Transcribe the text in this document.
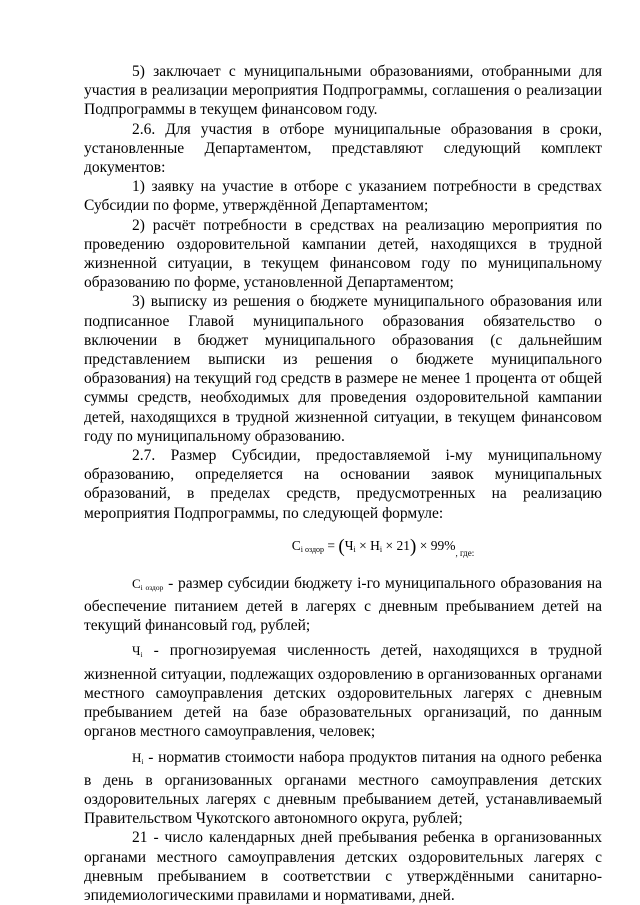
5) заключает с муниципальными образованиями, отобранными для участия в реализации мероприятия Подпрограммы, соглашения о реализации Подпрограммы в текущем финансовом году.

2.6. Для участия в отборе муниципальные образования в сроки, установленные Департаментом, представляют следующий комплект документов:

1) заявку на участие в отборе с указанием потребности в средствах Субсидии по форме, утверждённой Департаментом;

2) расчёт потребности в средствах на реализацию мероприятия по проведению оздоровительной кампании детей, находящихся в трудной жизненной ситуации, в текущем финансовом году по муниципальному образованию по форме, установленной Департаментом;

3) выписку из решения о бюджете муниципального образования или подписанное Главой муниципального образования обязательство о включении в бюджет муниципального образования (с дальнейшим представлением выписки из решения о бюджете муниципального образования) на текущий год средств в размере не менее 1 процента от общей суммы средств, необходимых для проведения оздоровительной кампании детей, находящихся в трудной жизненной ситуации, в текущем финансовом году по муниципальному образованию.

2.7. Размер Субсидии, предоставляемой i-му муниципальному образованию, определяется на основании заявок муниципальных образований, в пределах средств, предусмотренных на реализацию мероприятия Подпрограммы, по следующей формуле:

$С_{i оздор} = (Ч_i \times Н_i \times 21) \times 99\%_{, где:}$

$С_{i оздор}$ - размер субсидии бюджету i-го муниципального образования на обеспечение питанием детей в лагерях с дневным пребыванием детей на текущий финансовый год, рублей;

$Ч_i$ - прогнозируемая численность детей, находящихся в трудной жизненной ситуации, подлежащих оздоровлению в организованных органами местного самоуправления детских оздоровительных лагерях с дневным пребыванием детей на базе образовательных организаций, по данным органов местного самоуправления, человек;

$Н_i$ - норматив стоимости набора продуктов питания на одного ребенка в день в организованных органами местного самоуправления детских оздоровительных лагерях с дневным пребыванием детей, устанавливаемый Правительством Чукотского автономного округа, рублей;

21 - число календарных дней пребывания ребенка в организованных органами местного самоуправления детских оздоровительных лагерях с дневным пребыванием в соответствии с утверждёнными санитарно-эпидемиологическими правилами и нормативами, дней.
